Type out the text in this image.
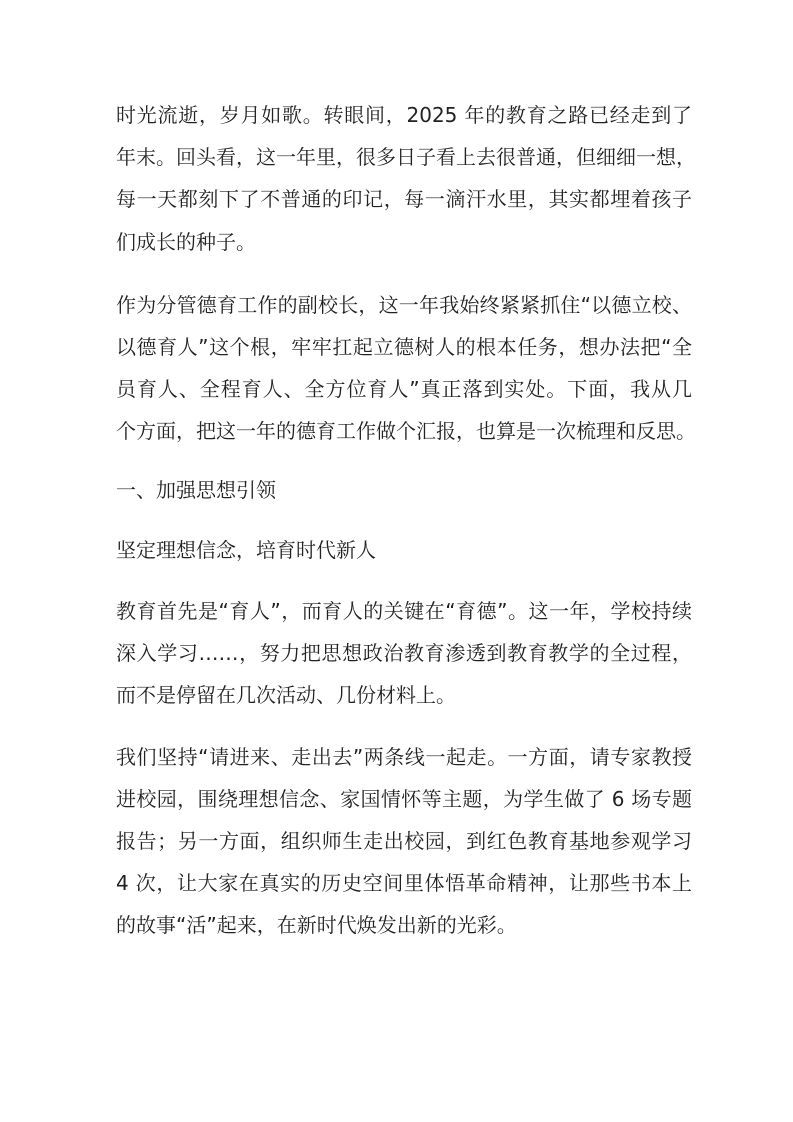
时光流逝，岁月如歌。转眼间，2025 年的教育之路已经走到了
年末。回头看，这一年里，很多日子看上去很普通，但细细一想，
每一天都刻下了不普通的印记，每一滴汗水里，其实都埋着孩子
们成长的种子。
作为分管德育工作的副校长，这一年我始终紧紧抓住“以德立校、
以德育人”这个根，牢牢扛起立德树人的根本任务，想办法把“全
员育人、全程育人、全方位育人”真正落到实处。下面，我从几
个方面，把这一年的德育工作做个汇报，也算是一次梳理和反思。
一、加强思想引领
坚定理想信念，培育时代新人
教育首先是“育人”，而育人的关键在“育德”。这一年，学校持续
深入学习……，努力把思想政治教育渗透到教育教学的全过程，
而不是停留在几次活动、几份材料上。
我们坚持“请进来、走出去”两条线一起走。一方面，请专家教授
进校园，围绕理想信念、家国情怀等主题，为学生做了 6 场专题
报告；另一方面，组织师生走出校园，到红色教育基地参观学习
4 次，让大家在真实的历史空间里体悟革命精神，让那些书本上
的故事“活”起来，在新时代焕发出新的光彩。
